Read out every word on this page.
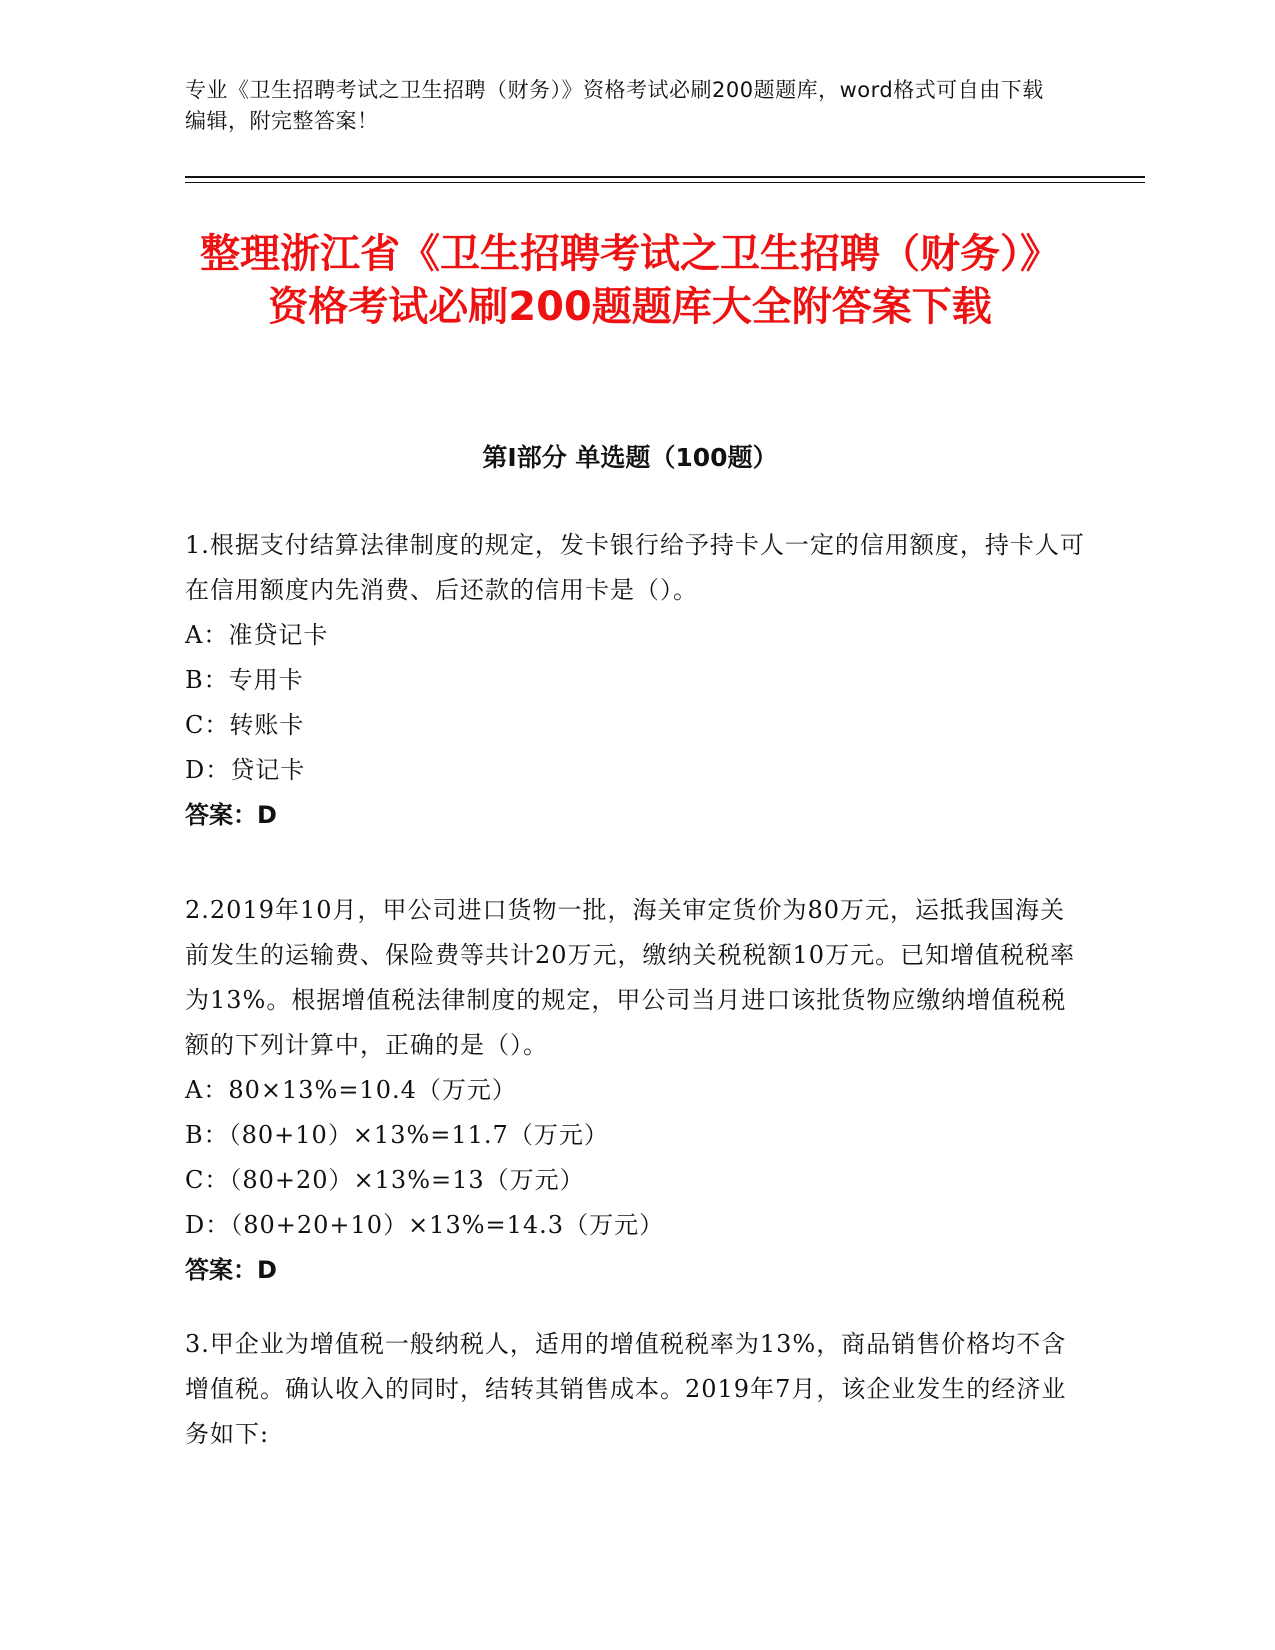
专业《卫生招聘考试之卫生招聘（财务）》资格考试必刷200题题库，word格式可自由下载编辑，附完整答案！
整理浙江省《卫生招聘考试之卫生招聘（财务）》资格考试必刷200题题库大全附答案下载
第I部分 单选题（100题）

1.根据支付结算法律制度的规定，发卡银行给予持卡人一定的信用额度，持卡人可在信用额度内先消费、后还款的信用卡是（）。

A：准贷记卡

B：专用卡

C：转账卡

D：贷记卡

答案：D

2.2019年10月，甲公司进口货物一批，海关审定货价为80万元，运抵我国海关前发生的运输费、保险费等共计20万元，缴纳关税税额10万元。已知增值税税率为13%。根据增值税法律制度的规定，甲公司当月进口该批货物应缴纳增值税税额的下列计算中，正确的是（）。

A：80×13%=10.4（万元）

B：（80+10）×13%=11.7（万元）

C：（80+20）×13%=13（万元）

D：（80+20+10）×13%=14.3（万元）

答案：D

3.甲企业为增值税一般纳税人，适用的增值税税率为13%，商品销售价格均不含增值税。确认收入的同时，结转其销售成本。2019年7月，该企业发生的经济业务如下:
